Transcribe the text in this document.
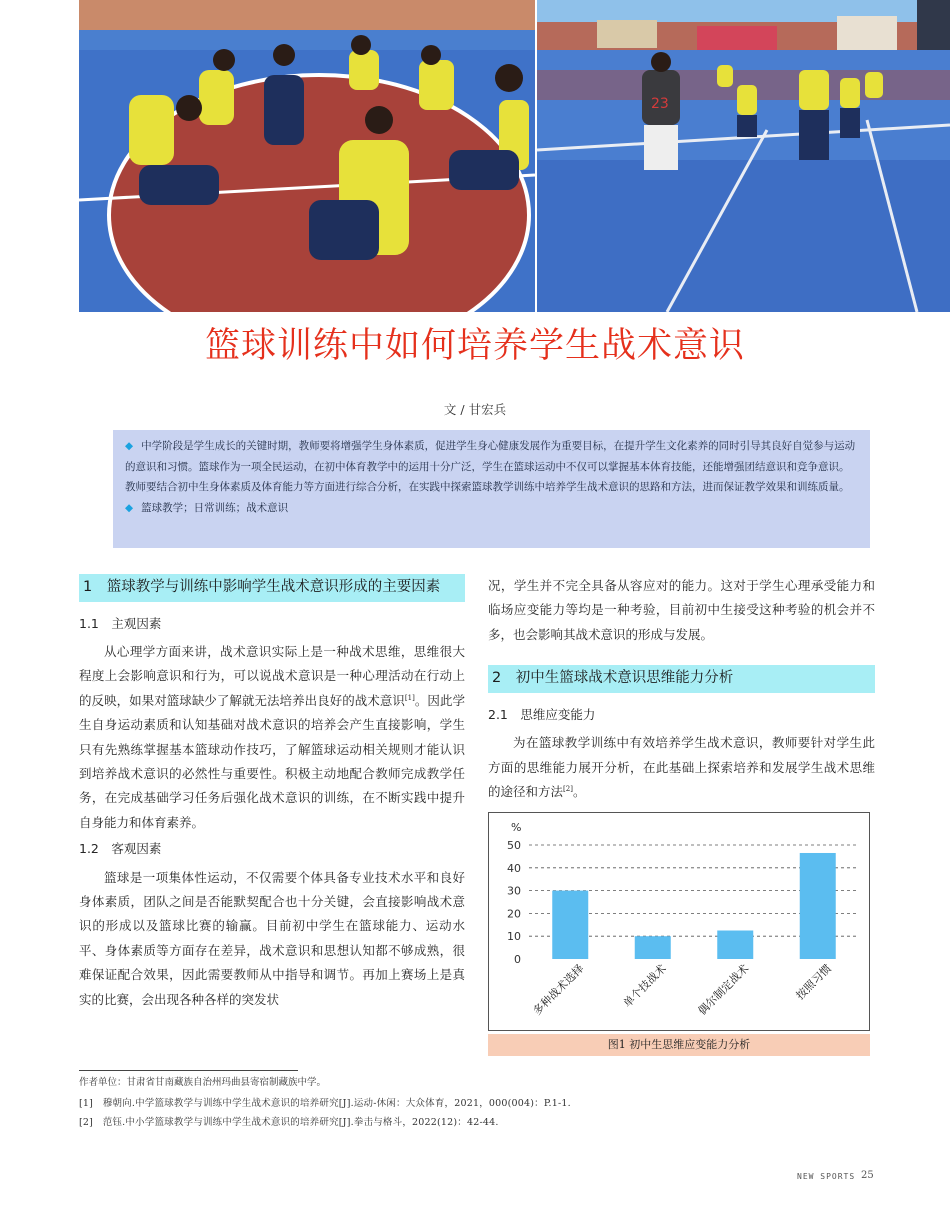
23
篮球训练中如何培养学生战术意识
文 / 甘宏兵

◆ 中学阶段是学生成长的关键时期，教师要将增强学生身体素质，促进学生身心健康发展作为重要目标，在提升学生文化素养的同时引导其良好自觉参与运动的意识和习惯。篮球作为一项全民运动，在初中体育教学中的运用十分广泛，学生在篮球运动中不仅可以掌握基本体育技能，还能增强团结意识和竞争意识。教师要结合初中生身体素质及体育能力等方面进行综合分析，在实践中探索篮球教学训练中培养学生战术意识的思路和方法，进而保证教学效果和训练质量。

◆ 篮球教学；日常训练；战术意识

1　篮球教学与训练中影响学生战术意识形成的主要因素

1.1　主观因素

从心理学方面来讲，战术意识实际上是一种战术思维，思维很大程度上会影响意识和行为，可以说战术意识是一种心理活动在行动上的反映，如果对篮球缺少了解就无法培养出良好的战术意识[1]。因此学生自身运动素质和认知基础对战术意识的培养会产生直接影响，学生只有先熟练掌握基本篮球动作技巧，了解篮球运动相关规则才能认识到培养战术意识的必然性与重要性。积极主动地配合教师完成教学任务，在完成基础学习任务后强化战术意识的训练，在不断实践中提升自身能力和体育素养。

1.2　客观因素

篮球是一项集体性运动，不仅需要个体具备专业技术水平和良好身体素质，团队之间是否能默契配合也十分关键，会直接影响战术意识的形成以及篮球比赛的输赢。目前初中学生在篮球能力、运动水平、身体素质等方面存在差异，战术意识和思想认知都不够成熟，很难保证配合效果，因此需要教师从中指导和调节。再加上赛场上是真实的比赛，会出现各种各样的突发状

况，学生并不完全具备从容应对的能力。这对于学生心理承受能力和临场应变能力等均是一种考验，目前初中生接受这种考验的机会并不多，也会影响其战术意识的形成与发展。

2　初中生篮球战术意识思维能力分析

2.1　思维应变能力

为在篮球教学训练中有效培养学生战术意识，教师要针对学生此方面的思维能力展开分析，在此基础上探索培养和发展学生战术思维的途径和方法[2]。

%
0
10
20
30
40
50
多种战术选择	单个技战术 偶尔制定战术	按照习惯
图1 初中生思维应变能力分析
作者单位：甘肃省甘南藏族自治州玛曲县寄宿制藏族中学。
[1]　穆朝向.中学篮球教学与训练中学生战术意识的培养研究[J].运动-休闲：大众体育，2021，000(004)：P.1-1.
[2]　范钰.中小学篮球教学与训练中学生战术意识的培养研究[J].拳击与格斗，2022(12)：42-44.
NEW SPORTS 25
